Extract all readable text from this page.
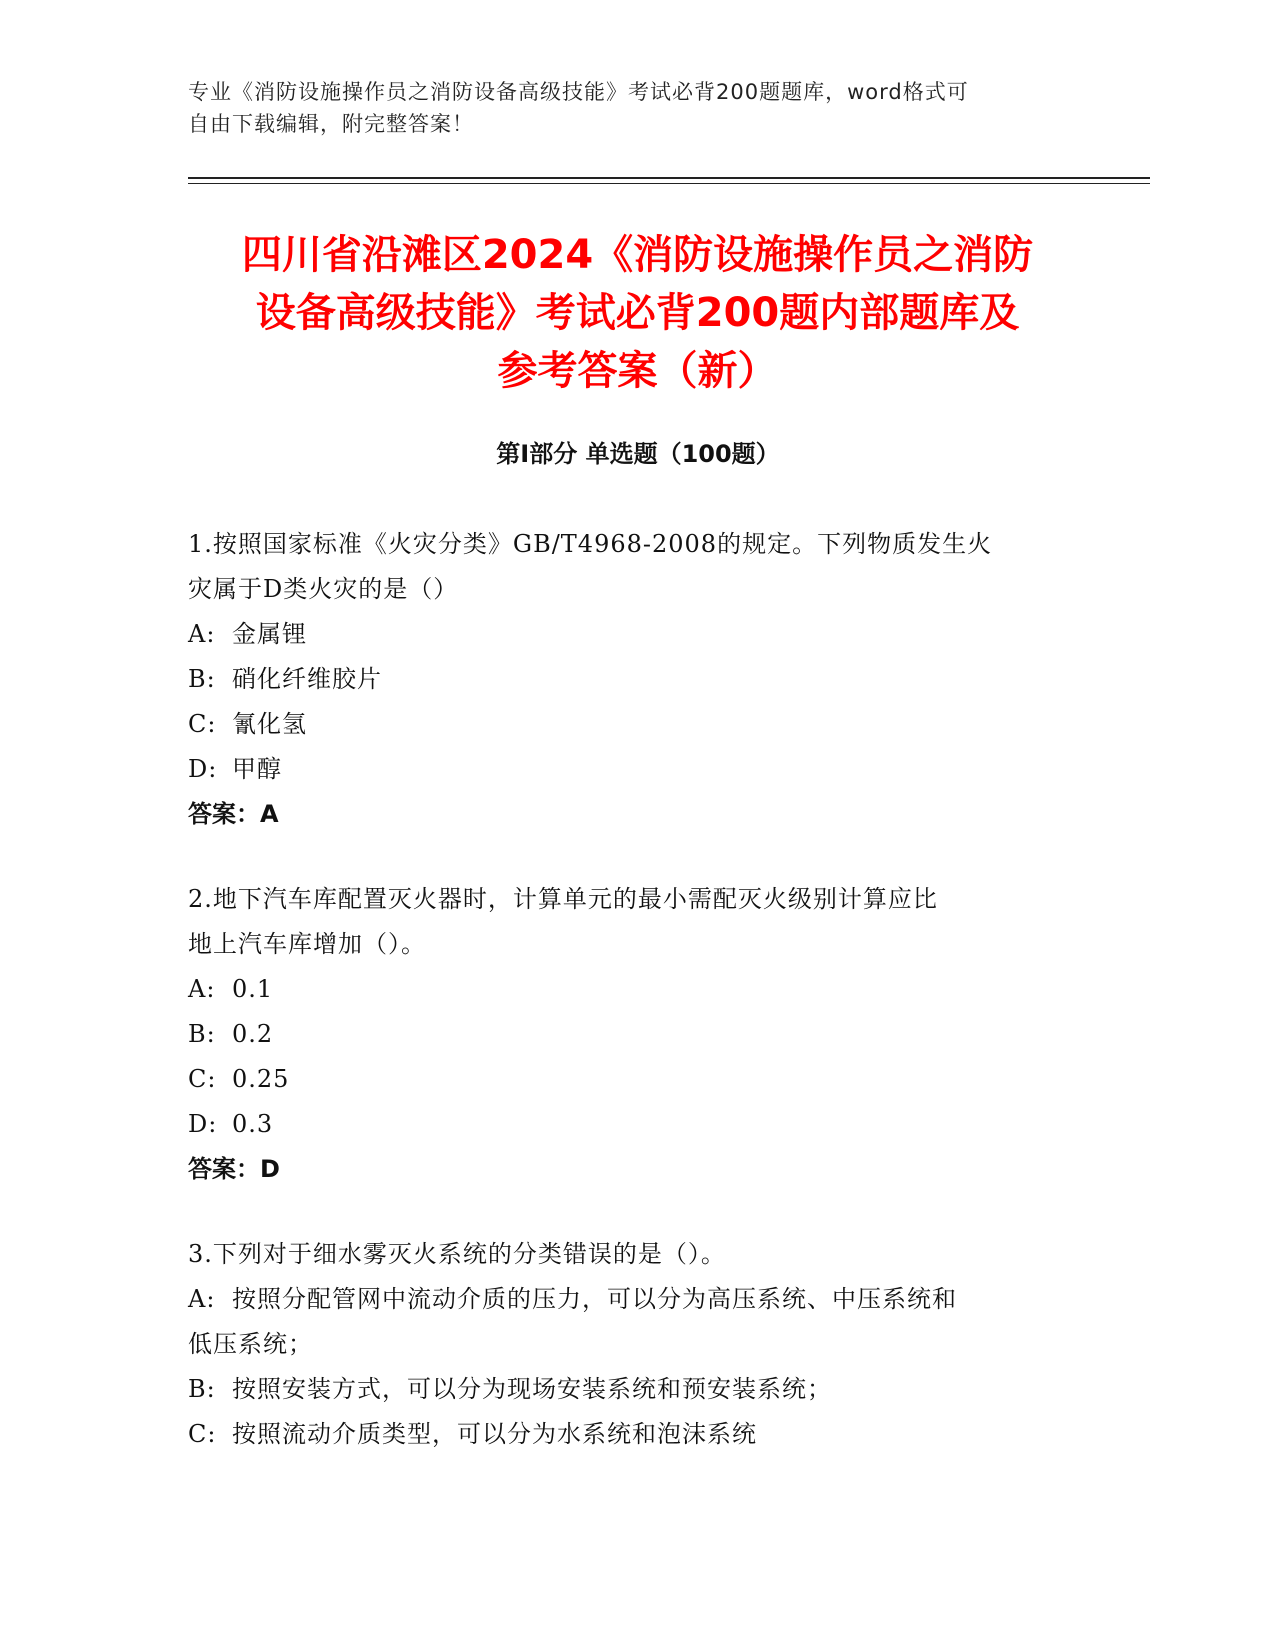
专业《消防设施操作员之消防设备高级技能》考试必背200题题库，word格式可
自由下载编辑，附完整答案！
四川省沿滩区2024《消防设施操作员之消防
设备高级技能》考试必背200题内部题库及
参考答案（新）
第I部分 单选题（100题）
1.按照国家标准《火灾分类》GB/T4968-2008的规定。下列物质发生火
灾属于D类火灾的是（）
A: 金属锂
B: 硝化纤维胶片
C: 氰化氢
D: 甲醇
答案：A
2.地下汽车库配置灭火器时，计算单元的最小需配灭火级别计算应比
地上汽车库增加（）。
A: 0.1
B: 0.2
C: 0.25
D: 0.3
答案：D
3.下列对于细水雾灭火系统的分类错误的是（）。
A: 按照分配管网中流动介质的压力，可以分为高压系统、中压系统和
低压系统；
B: 按照安装方式，可以分为现场安装系统和预安装系统；
C: 按照流动介质类型，可以分为水系统和泡沫系统
